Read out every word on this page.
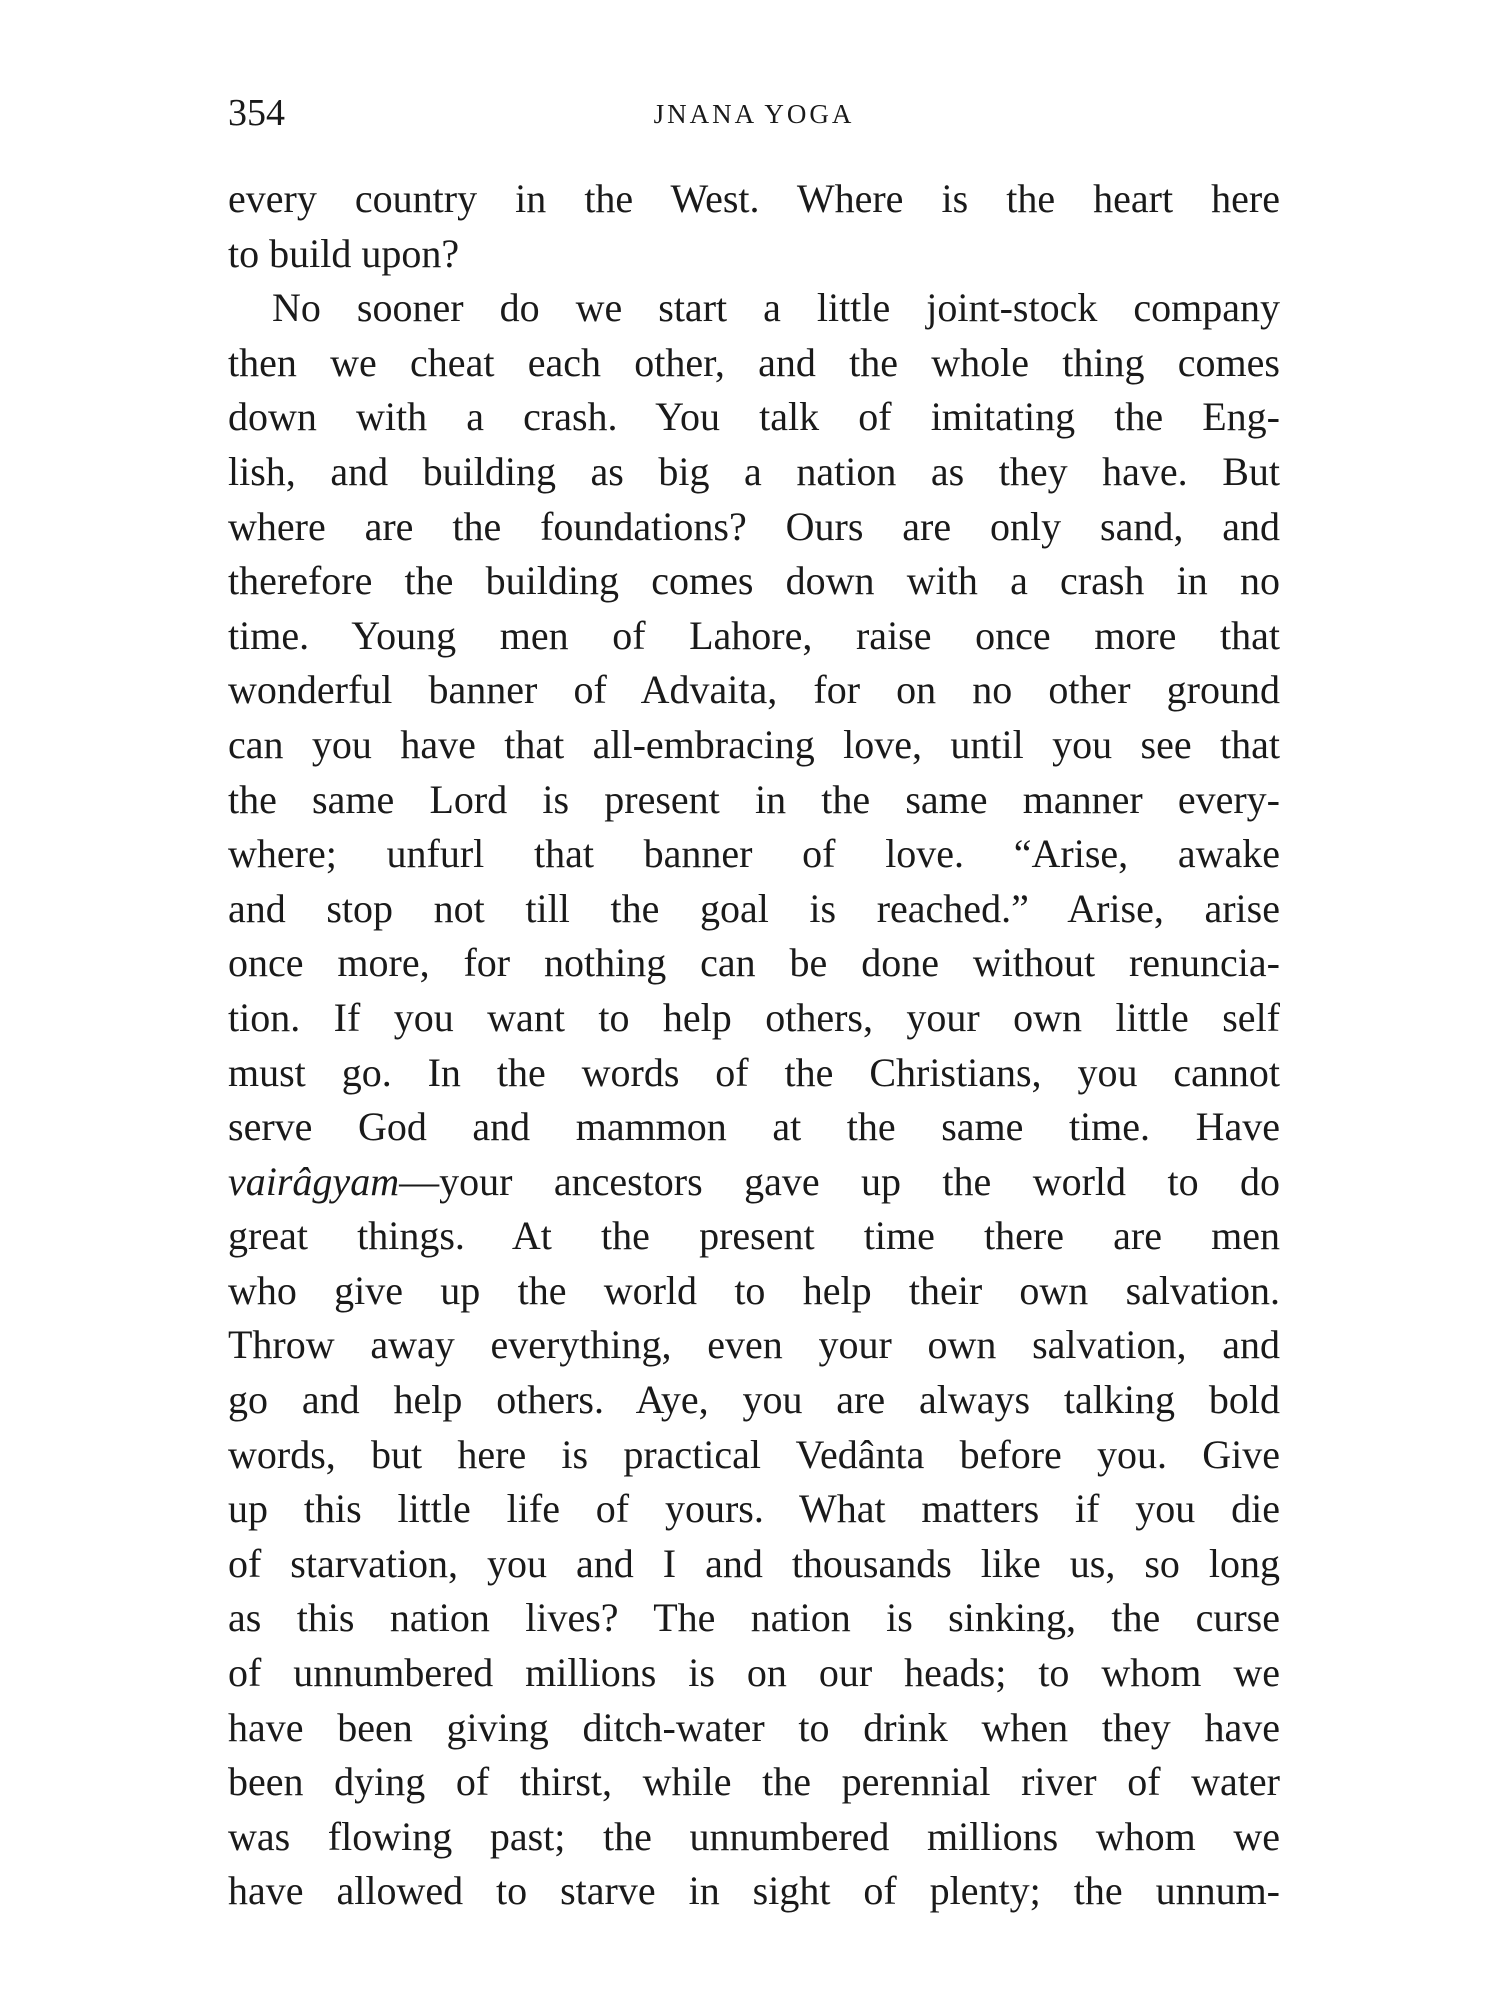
354	JNANA YOGA
every country in the West. Where is the heart here
to build upon?
No sooner do we start a little joint-stock company
then we cheat each other, and the whole thing comes
down with a crash. You talk of imitating the Eng-
lish, and building as big a nation as they have. But
where are the foundations? Ours are only sand, and
therefore the building comes down with a crash in no
time. Young men of Lahore, raise once more that
wonderful banner of Advaita, for on no other ground
can you have that all-embracing love, until you see that
the same Lord is present in the same manner every-
where; unfurl that banner of love. “Arise, awake
and stop not till the goal is reached.” Arise, arise
once more, for nothing can be done without renuncia-
tion. If you want to help others, your own little self
must go. In the words of the Christians, you cannot
serve God and mammon at the same time. Have
vairâgyam—your ancestors gave up the world to do
great things. At the present time there are men
who give up the world to help their own salvation.
Throw away everything, even your own salvation, and
go and help others. Aye, you are always talking bold
words, but here is practical Vedânta before you. Give
up this little life of yours. What matters if you die
of starvation, you and I and thousands like us, so long
as this nation lives? The nation is sinking, the curse
of unnumbered millions is on our heads; to whom we
have been giving ditch-water to drink when they have
been dying of thirst, while the perennial river of water
was flowing past; the unnumbered millions whom we
have allowed to starve in sight of plenty; the unnum-
